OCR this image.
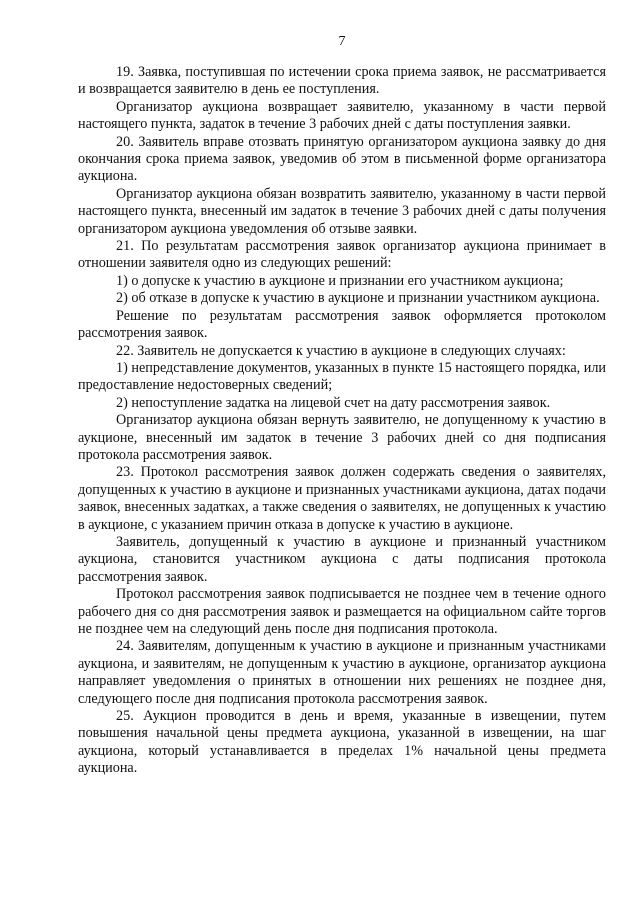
7

19. Заявка, поступившая по истечении срока приема заявок, не рассматривается и возвращается заявителю в день ее поступления.

Организатор аукциона возвращает заявителю, указанному в части первой настоящего пункта, задаток в течение 3 рабочих дней с даты поступления заявки.

20. Заявитель вправе отозвать принятую организатором аукциона заявку до дня окончания срока приема заявок, уведомив об этом в письменной форме организатора аукциона.

Организатор аукциона обязан возвратить заявителю, указанному в части первой настоящего пункта, внесенный им задаток в течение 3 рабочих дней с даты получения организатором аукциона уведомления об отзыве заявки.

21. По результатам рассмотрения заявок организатор аукциона принимает в отношении заявителя одно из следующих решений:

1) о допуске к участию в аукционе и признании его участником аукциона;

2) об отказе в допуске к участию в аукционе и признании участником аукциона.

Решение по результатам рассмотрения заявок оформляется протоколом рассмотрения заявок.

22. Заявитель не допускается к участию в аукционе в следующих случаях:

1) непредставление документов, указанных в пункте 15 настоящего порядка, или предоставление недостоверных сведений;

2) непоступление задатка на лицевой счет на дату рассмотрения заявок.

Организатор аукциона обязан вернуть заявителю, не допущенному к участию в аукционе, внесенный им задаток в течение 3 рабочих дней со дня подписания протокола рассмотрения заявок.

23. Протокол рассмотрения заявок должен содержать сведения о заявителях, допущенных к участию в аукционе и признанных участниками аукциона, датах подачи заявок, внесенных задатках, а также сведения о заявителях, не допущенных к участию в аукционе, с указанием причин отказа в допуске к участию в аукционе.

Заявитель, допущенный к участию в аукционе и признанный участником аукциона, становится участником аукциона с даты подписания протокола рассмотрения заявок.

Протокол рассмотрения заявок подписывается не позднее чем в течение одного рабочего дня со дня рассмотрения заявок и размещается на официальном сайте торгов не позднее чем на следующий день после дня подписания протокола.

24. Заявителям, допущенным к участию в аукционе и признанным участниками аукциона, и заявителям, не допущенным к участию в аукционе, организатор аукциона направляет уведомления о принятых в отношении них решениях не позднее дня, следующего после дня подписания протокола рассмотрения заявок.

25. Аукцион проводится в день и время, указанные в извещении, путем повышения начальной цены предмета аукциона, указанной в извещении, на шаг аукциона, который устанавливается в пределах 1% начальной цены предмета аукциона.
